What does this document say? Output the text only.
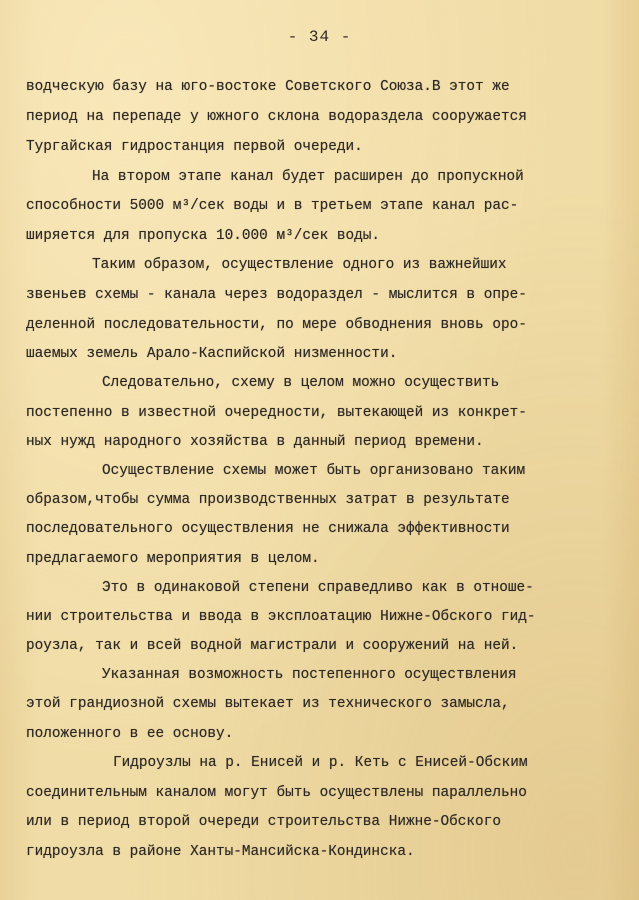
- 34 -
водческую базу на юго-востоке Советского Союза.В этот же
период на перепаде у южного склона водораздела сооружается
Тургайская гидростанция первой очереди.
На втором этапе канал будет расширен до пропускной
способности 5000 м³/сек воды и в третьем этапе канал рас-
ширяется для пропуска 10.000 м³/сек воды.
Таким образом, осуществление одного из важнейших
звеньев схемы - канала через водораздел - мыслится в опре-
деленной последовательности, по мере обводнения вновь оро-
шаемых земель Арало-Каспийской низменности.
Следовательно, схему в целом можно осуществить
постепенно в известной очередности, вытекающей из конкрет-
ных нужд народного хозяйства в данный период времени.
Осуществление схемы может быть организовано таким
образом,чтобы сумма производственных затрат в результате
последовательного осуществления не снижала эффективности
предлагаемого мероприятия в целом.
Это в одинаковой степени справедливо как в отноше-
нии строительства и ввода в эксплоатацию Нижне-Обского гид-
роузла, так и всей водной магистрали и сооружений на ней.
Указанная возможность постепенного осуществления
этой грандиозной схемы вытекает из технического замысла,
положенного в ее основу.
Гидроузлы на р. Енисей и р. Кеть с Енисей-Обским
соединительным каналом могут быть осуществлены параллельно
или в период второй очереди строительства Нижне-Обского
гидроузла в районе Ханты-Мансийска-Кондинска.
